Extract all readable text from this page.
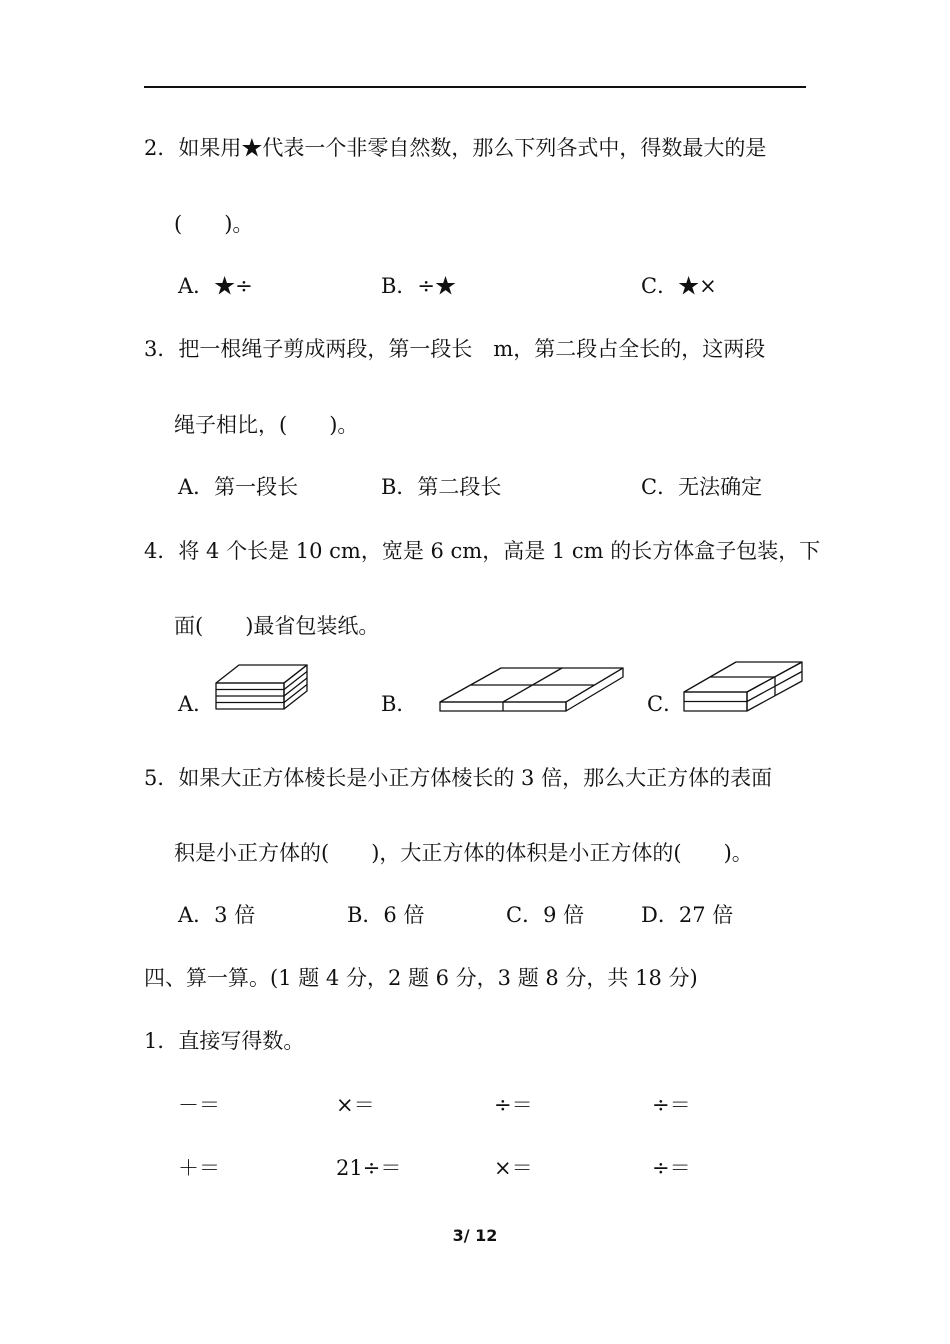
2．如果用★代表一个非零自然数，那么下列各式中，得数最大的是
(　　)。
A．★÷	B．÷★	C．★×
3．把一根绳子剪成两段，第一段长　m，第二段占全长的，这两段
绳子相比，(　　)。
A．第一段长	B．第二段长	C．无法确定
4．将 4 个长是 10 cm，宽是 6 cm，高是 1 cm 的长方体盒子包装，下
面(　　)最省包装纸。
A．	B．	C．
5．如果大正方体棱长是小正方体棱长的 3 倍，那么大正方体的表面
积是小正方体的(　　)，大正方体的体积是小正方体的(　　)。
A．3 倍	B．6 倍	C．9 倍	D．27 倍
四、算一算。(1 题 4 分，2 题 6 分，3 题 8 分，共 18 分)
1．直接写得数。
－＝	×＝	÷＝	÷＝
＋＝	21÷＝	×＝	÷＝
3/ 12
